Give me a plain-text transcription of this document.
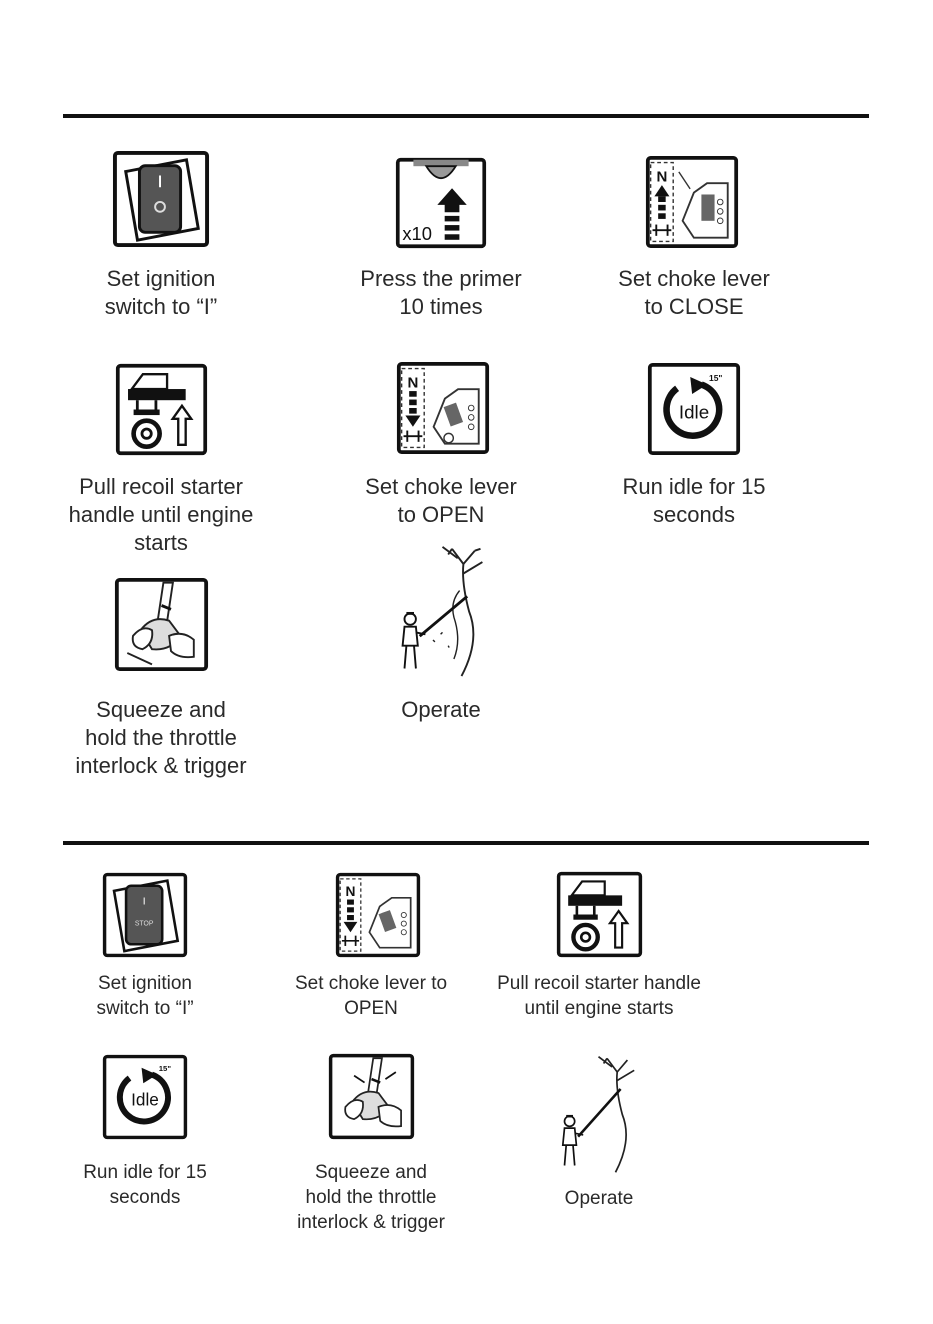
Set ignition
switch to “I”
x10
Press the primer
10 times
N
Set choke lever
to CLOSE
Pull recoil starter
handle until engine
starts
N
Set choke lever
to OPEN
Idle
15"
Run idle for 15
seconds
Squeeze and
hold the throttle
interlock & trigger
Operate
I
STOP
Set ignition
switch to “I”
N
Set choke lever to
OPEN
Pull recoil starter handle
until engine starts
Idle
15"
Run idle for 15
seconds
Squeeze and
hold the throttle
interlock & trigger
Operate
